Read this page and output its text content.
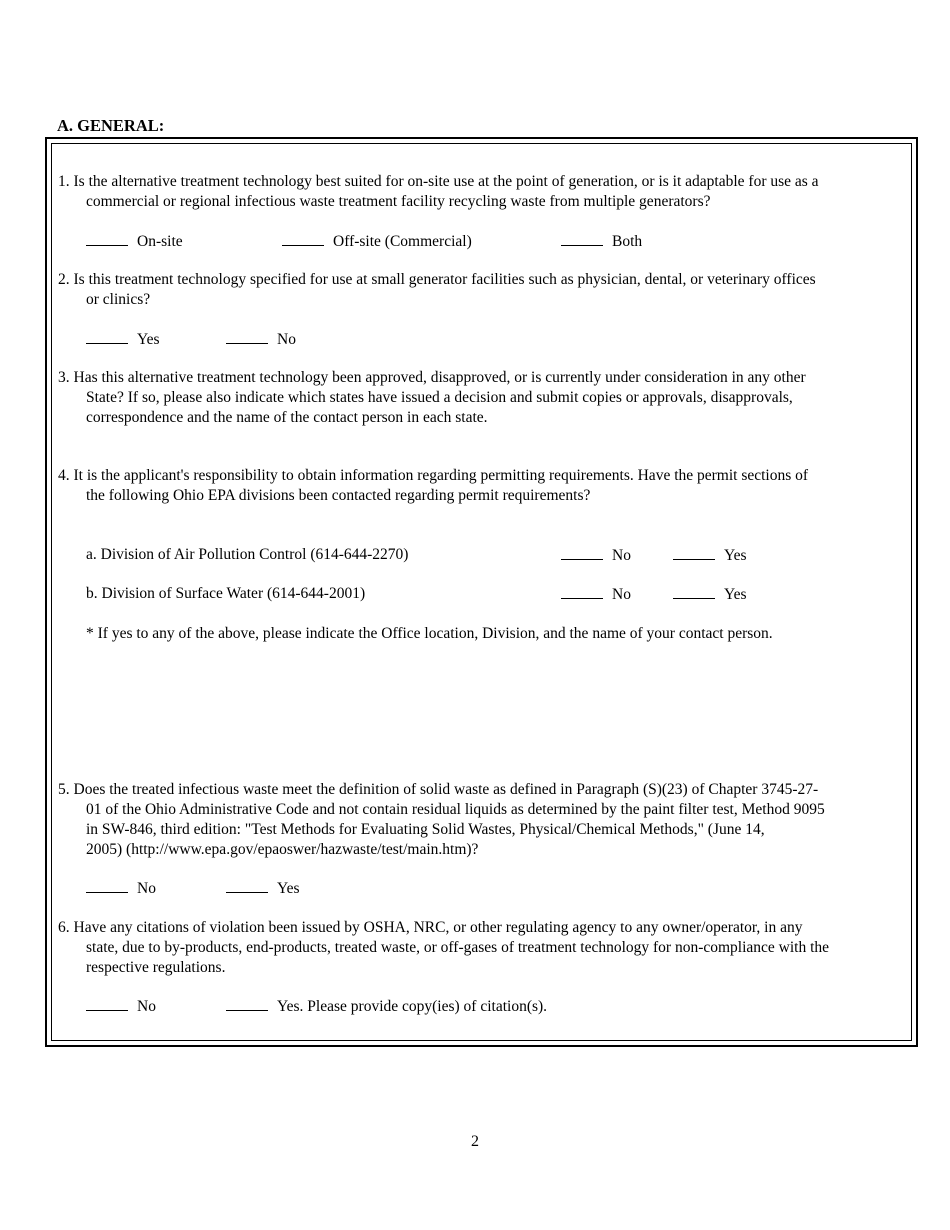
A. GENERAL:

1. Is the alternative treatment technology best suited for on-site use at the point of generation, or is it adaptable for use as a

commercial or regional infectious waste treatment facility recycling waste from multiple generators?

On-site	Off-site (Commercial)	Both

2. Is this treatment technology specified for use at small generator facilities such as physician, dental, or veterinary offices

or clinics?

Yes	No

3. Has this alternative treatment technology been approved, disapproved, or is currently under consideration in any other

State? If so, please also indicate which states have issued a decision and submit copies or approvals, disapprovals,

correspondence and the name of the contact person in each state.

4. It is the applicant's responsibility to obtain information regarding permitting requirements. Have the permit sections of

the following Ohio EPA divisions been contacted regarding permit requirements?

a. Division of Air Pollution Control (614-644-2270)	No	Yes
b. Division of Surface Water (614-644-2001)	No	Yes
* If yes to any of the above, please indicate the Office location, Division, and the name of your contact person.

5. Does the treated infectious waste meet the definition of solid waste as defined in Paragraph (S)(23) of Chapter 3745-27-

01 of the Ohio Administrative Code and not contain residual liquids as determined by the paint filter test, Method 9095

in SW-846, third edition: "Test Methods for Evaluating Solid Wastes, Physical/Chemical Methods," (June 14,

2005) (http://www.epa.gov/epaoswer/hazwaste/test/main.htm)?

No	Yes

6. Have any citations of violation been issued by OSHA, NRC, or other regulating agency to any owner/operator, in any

state, due to by-products, end-products, treated waste, or off-gases of treatment technology for non-compliance with the

respective regulations.

No	Yes. Please provide copy(ies) of citation(s).
2
